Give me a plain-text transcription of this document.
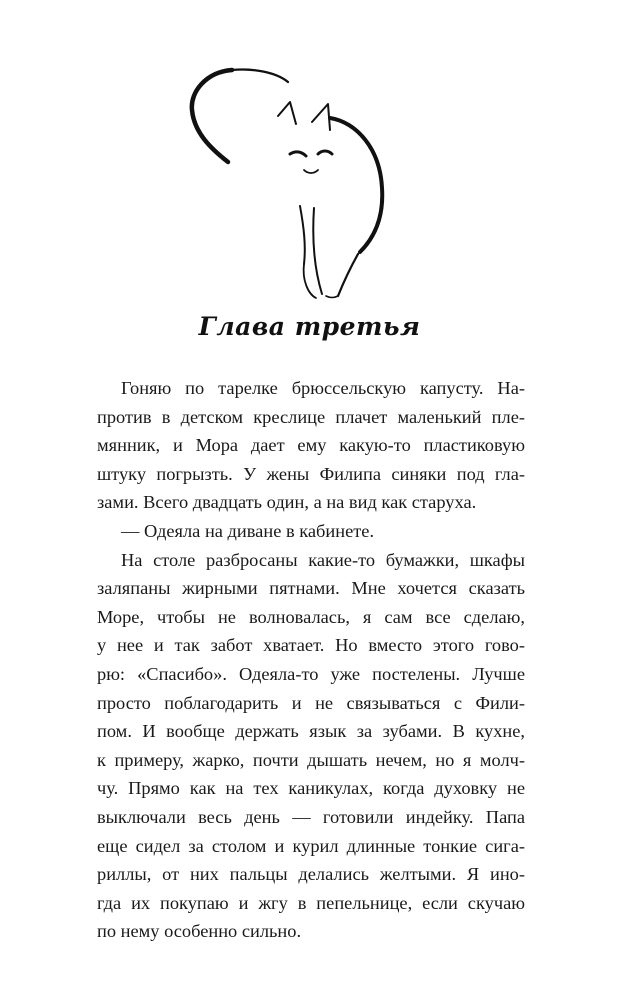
Глава третья
Гоняю по тарелке брюссельскую капусту. На-
против в детском креслице плачет маленький пле-
мянник, и Мора дает ему какую-то пластиковую
штуку погрызть. У жены Филипа синяки под гла-
зами. Всего двадцать один, а на вид как старуха.
— Одеяла на диване в кабинете.
На столе разбросаны какие-то бумажки, шкафы
заляпаны жирными пятнами. Мне хочется сказать
Море, чтобы не волновалась, я сам все сделаю,
у нее и так забот хватает. Но вместо этого гово-
рю: «Спасибо». Одеяла-то уже постелены. Лучше
просто поблагодарить и не связываться с Фили-
пом. И вообще держать язык за зубами. В кухне,
к примеру, жарко, почти дышать нечем, но я молч-
чу. Прямо как на тех каникулах, когда духовку не
выключали весь день — готовили индейку. Папа
еще сидел за столом и курил длинные тонкие сига-
риллы, от них пальцы делались желтыми. Я ино-
гда их покупаю и жгу в пепельнице, если скучаю
по нему особенно сильно.
